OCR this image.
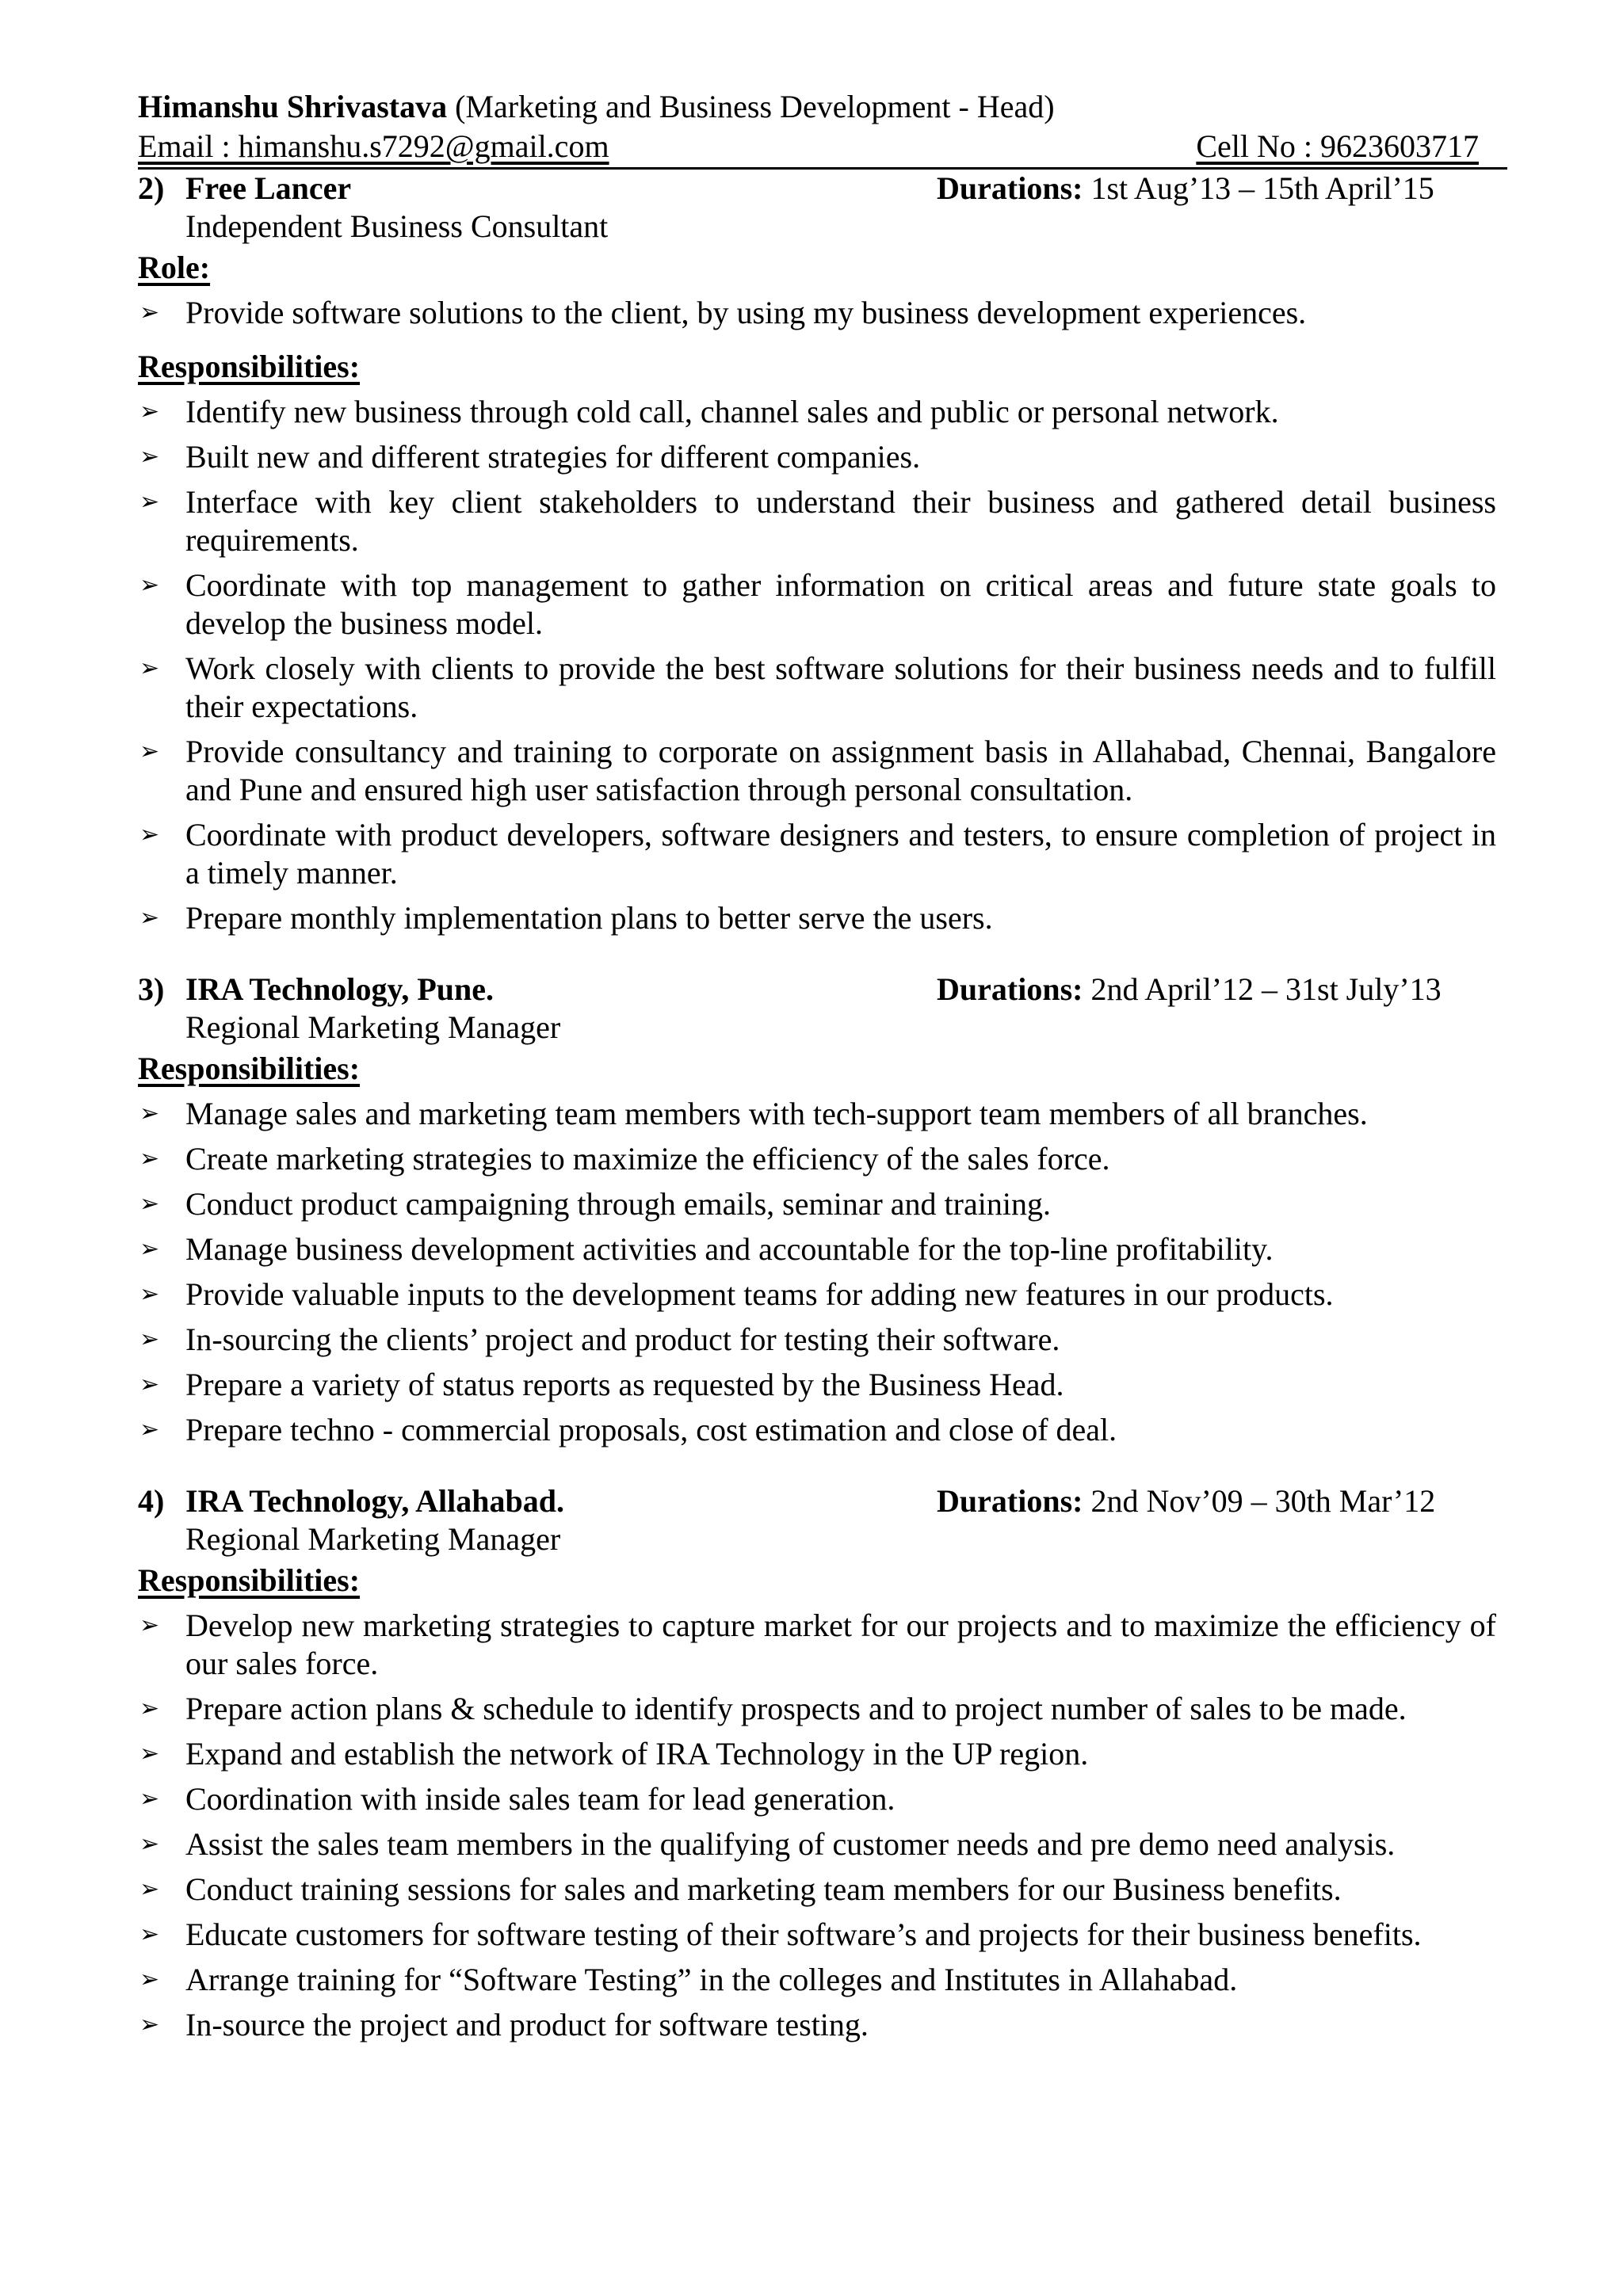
Himanshu Shrivastava (Marketing and Business Development - Head)
Email : himanshu.s7292@gmail.com	Cell No : 9623603717
2) Free Lancer	Durations: 1st Aug’13 – 15th April’15
Independent Business Consultant
Role:
➢ Provide software solutions to the client, by using my business development experiences.
Responsibilities:
➢ Identify new business through cold call, channel sales and public or personal network.
➢ Built new and different strategies for different companies.
➢ Interface with key client stakeholders to understand their business and gathered detail business requirements.
➢ Coordinate with top management to gather information on critical areas and future state goals to develop the business model.
➢ Work closely with clients to provide the best software solutions for their business needs and to fulfill their expectations.
➢ Provide consultancy and training to corporate on assignment basis in Allahabad, Chennai, Bangalore and Pune and ensured high user satisfaction through personal consultation.
➢ Coordinate with product developers, software designers and testers, to ensure completion of project in a timely manner.
➢ Prepare monthly implementation plans to better serve the users.
3) IRA Technology, Pune.	Durations: 2nd April’12 – 31st July’13
Regional Marketing Manager
Responsibilities:
➢ Manage sales and marketing team members with tech-support team members of all branches.
➢ Create marketing strategies to maximize the efficiency of the sales force.
➢ Conduct product campaigning through emails, seminar and training.
➢ Manage business development activities and accountable for the top-line profitability.
➢ Provide valuable inputs to the development teams for adding new features in our products.
➢ In-sourcing the clients’ project and product for testing their software.
➢ Prepare a variety of status reports as requested by the Business Head.
➢ Prepare techno - commercial proposals, cost estimation and close of deal.
4) IRA Technology, Allahabad.	Durations: 2nd Nov’09 – 30th Mar’12
Regional Marketing Manager
Responsibilities:
➢ Develop new marketing strategies to capture market for our projects and to maximize the efficiency of our sales force.
➢ Prepare action plans & schedule to identify prospects and to project number of sales to be made.
➢ Expand and establish the network of IRA Technology in the UP region.
➢ Coordination with inside sales team for lead generation.
➢ Assist the sales team members in the qualifying of customer needs and pre demo need analysis.
➢ Conduct training sessions for sales and marketing team members for our Business benefits.
➢ Educate customers for software testing of their software’s and projects for their business benefits.
➢ Arrange training for “Software Testing” in the colleges and Institutes in Allahabad.
➢ In-source the project and product for software testing.
